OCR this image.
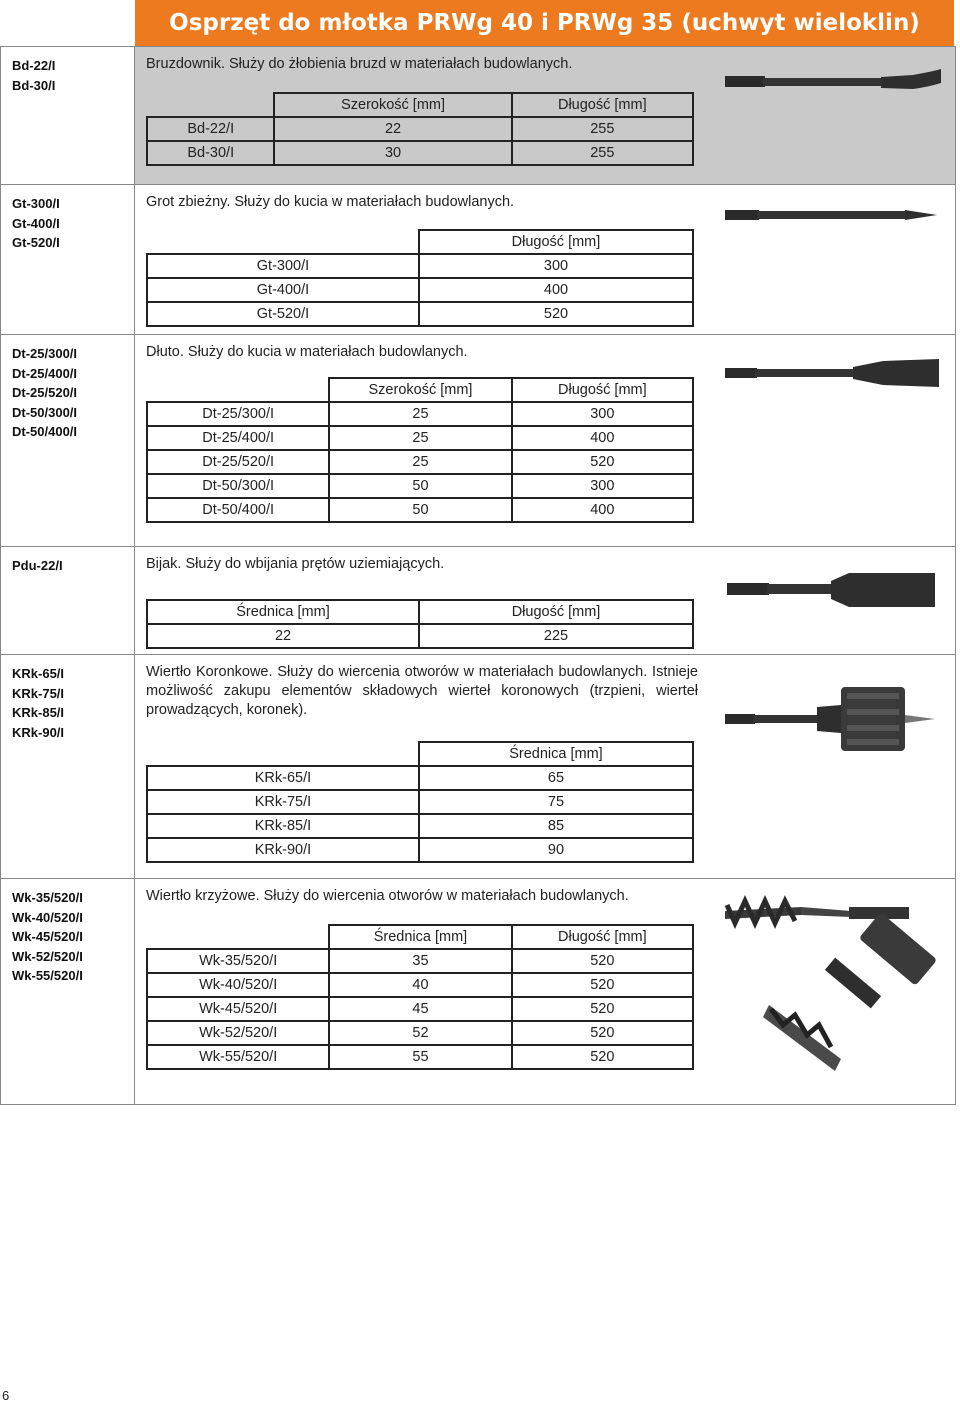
Osprzęt do młotka PRWg 40 i PRWg 35 (uchwyt wieloklin)
Bd-22/I
Bd-30/I
Bruzdownik. Służy do żłobienia bruzd w materiałach budowlanych.
	Szerokość [mm]	Długość [mm]
Bd-22/I	22	255
Bd-30/I	30	255
Gt-300/I
Gt-400/I
Gt-520/I
Grot zbieżny. Służy do kucia w materiałach budowlanych.
	Długość [mm]
Gt-300/I	300
Gt-400/I	400
Gt-520/I	520
Dt-25/300/I
Dt-25/400/I
Dt-25/520/I
Dt-50/300/I
Dt-50/400/I
Dłuto. Służy do kucia w materiałach budowlanych.
	Szerokość [mm]	Długość [mm]
Dt-25/300/I	25	300
Dt-25/400/I	25	400
Dt-25/520/I	25	520
Dt-50/300/I	50	300
Dt-50/400/I	50	400
Pdu-22/I	Bijak. Służy do wbijania prętów uziemiających.
Średnica [mm]	Długość [mm]
22	225
KRk-65/I
KRk-75/I
KRk-85/I
KRk-90/I
Wiertło Koronkowe. Służy do wiercenia otworów w materiałach budowlanych. Istnieje możliwość zakupu elementów składowych wierteł koronowych (trzpieni, wierteł prowadzących, koronek).
	Średnica [mm]
KRk-65/I	65
KRk-75/I	75
KRk-85/I	85
KRk-90/I	90
Wk-35/520/I
Wk-40/520/I
Wk-45/520/I
Wk-52/520/I
Wk-55/520/I
Wiertło krzyżowe. Służy do wiercenia otworów w materiałach budowlanych.
	Średnica [mm]	Długość [mm]
Wk-35/520/I	35	520
Wk-40/520/I	40	520
Wk-45/520/I	45	520
Wk-52/520/I	52	520
Wk-55/520/I	55	520
6
